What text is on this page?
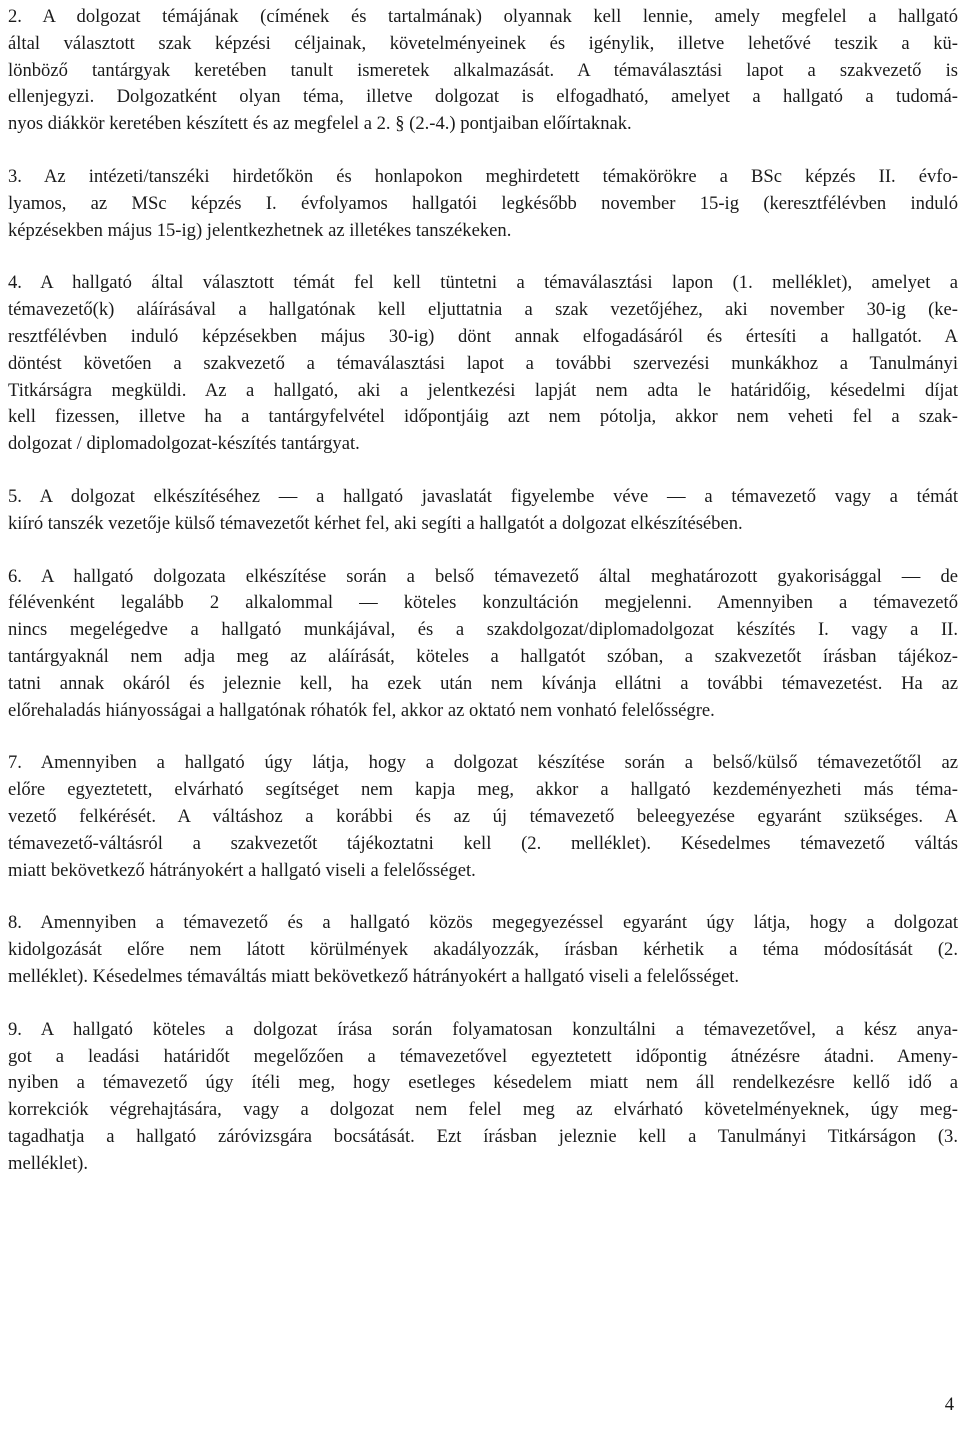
2. A dolgozat témájának (címének és tartalmának) olyannak kell lennie, amely megfelel a hallgató
által választott szak képzési céljainak, követelményeinek és igénylik, illetve lehetővé teszik a kü-
lönböző tantárgyak keretében tanult ismeretek alkalmazását. A témaválasztási lapot a szakvezető is
ellenjegyzi. Dolgozatként olyan téma, illetve dolgozat is elfogadható, amelyet a hallgató a tudomá-
nyos diákkör keretében készített és az megfelel a 2. § (2.-4.) pontjaiban előírtaknak.

3. Az intézeti/tanszéki hirdetőkön és honlapokon meghirdetett témakörökre a BSc képzés II. évfo-
lyamos, az MSc képzés I. évfolyamos hallgatói legkésőbb november 15-ig (keresztfélévben induló
képzésekben május 15-ig) jelentkezhetnek az illetékes tanszékeken.

4. A hallgató által választott témát fel kell tüntetni a témaválasztási lapon (1. melléklet), amelyet a
témavezető(k) aláírásával a hallgatónak kell eljuttatnia a szak vezetőjéhez, aki november 30-ig (ke-
resztfélévben induló képzésekben május 30-ig) dönt annak elfogadásáról és értesíti a hallgatót. A
döntést követően a szakvezető a témaválasztási lapot a további szervezési munkákhoz a Tanulmányi
Titkárságra megküldi. Az a hallgató, aki a jelentkezési lapját nem adta le határidőig, késedelmi díjat
kell fizessen, illetve ha a tantárgyfelvétel időpontjáig azt nem pótolja, akkor nem veheti fel a szak-
dolgozat / diplomadolgozat-készítés tantárgyat.

5. A dolgozat elkészítéséhez — a hallgató javaslatát figyelembe véve — a témavezető vagy a témát
kiíró tanszék vezetője külső témavezetőt kérhet fel, aki segíti a hallgatót a dolgozat elkészítésében.

6. A hallgató dolgozata elkészítése során a belső témavezető által meghatározott gyakorisággal — de
félévenként legalább 2 alkalommal — köteles konzultáción megjelenni. Amennyiben a témavezető
nincs megelégedve a hallgató munkájával, és a szakdolgozat/diplomadolgozat készítés I. vagy a II.
tantárgyaknál nem adja meg az aláírását, köteles a hallgatót szóban, a szakvezetőt írásban tájékoz-
tatni annak okáról és jeleznie kell, ha ezek után nem kívánja ellátni a további témavezetést. Ha az
előrehaladás hiányosságai a hallgatónak róhatók fel, akkor az oktató nem vonható felelősségre.

7. Amennyiben a hallgató úgy látja, hogy a dolgozat készítése során a belső/külső témavezetőtől az
előre egyeztetett, elvárható segítséget nem kapja meg, akkor a hallgató kezdeményezheti más téma-
vezető felkérését. A váltáshoz a korábbi és az új témavezető beleegyezése egyaránt szükséges. A
témavezető-váltásról a szakvezetőt tájékoztatni kell (2. melléklet). Késedelmes témavezető váltás
miatt bekövetkező hátrányokért a hallgató viseli a felelősséget.

8. Amennyiben a témavezető és a hallgató közös megegyezéssel egyaránt úgy látja, hogy a dolgozat
kidolgozását előre nem látott körülmények akadályozzák, írásban kérhetik a téma módosítását (2.
melléklet). Késedelmes témaváltás miatt bekövetkező hátrányokért a hallgató viseli a felelősséget.

9. A hallgató köteles a dolgozat írása során folyamatosan konzultálni a témavezetővel, a kész anya-
got a leadási határidőt megelőzően a témavezetővel egyeztetett időpontig átnézésre átadni. Ameny-
nyiben a témavezető úgy ítéli meg, hogy esetleges késedelem miatt nem áll rendelkezésre kellő idő a
korrekciók végrehajtására, vagy a dolgozat nem felel meg az elvárható követelményeknek, úgy meg-
tagadhatja a hallgató záróvizsgára bocsátását. Ezt írásban jeleznie kell a Tanulmányi Titkárságon (3.
melléklet).

4
